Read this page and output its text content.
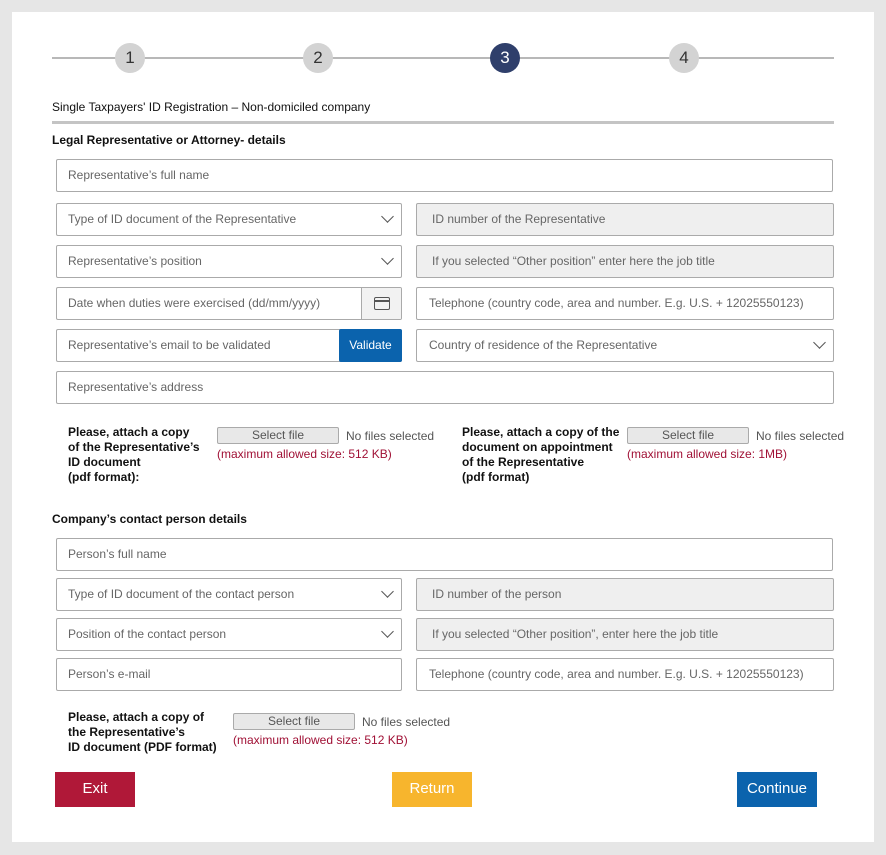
1	2	3	4
Single Taxpayers' ID Registration – Non-domiciled company
Legal Representative or Attorney- details
Representative’s full name
Type of ID document of the Representative	ID number of the Representative
Representative’s position	If you selected “Other position” enter here the job title
Date when duties were exercised (dd/mm/yyyy)	Telephone (country code, area and number. E.g. U.S. + 12025550123)
Representative’s email to be validated	Validate	Country of residence of the Representative
Representative’s address
Please, attach a copy
of the Representative’s
ID document
(pdf format):
Select file	No files selected
(maximum allowed size: 512 KB)
Please, attach a copy of the
document on appointment
of the Representative
(pdf format)
Select file	No files selected
(maximum allowed size: 1MB)
Company’s contact person details
Person’s full name
Type of ID document of the contact person	ID number of the person
Position of the contact person	If you selected “Other position”, enter here the job title
Person’s e-mail	Telephone (country code, area and number. E.g. U.S. + 12025550123)
Please, attach a copy of
the Representative’s
ID document (PDF format)
Select file	No files selected
(maximum allowed size: 512 KB)
Exit	Return	Continue
